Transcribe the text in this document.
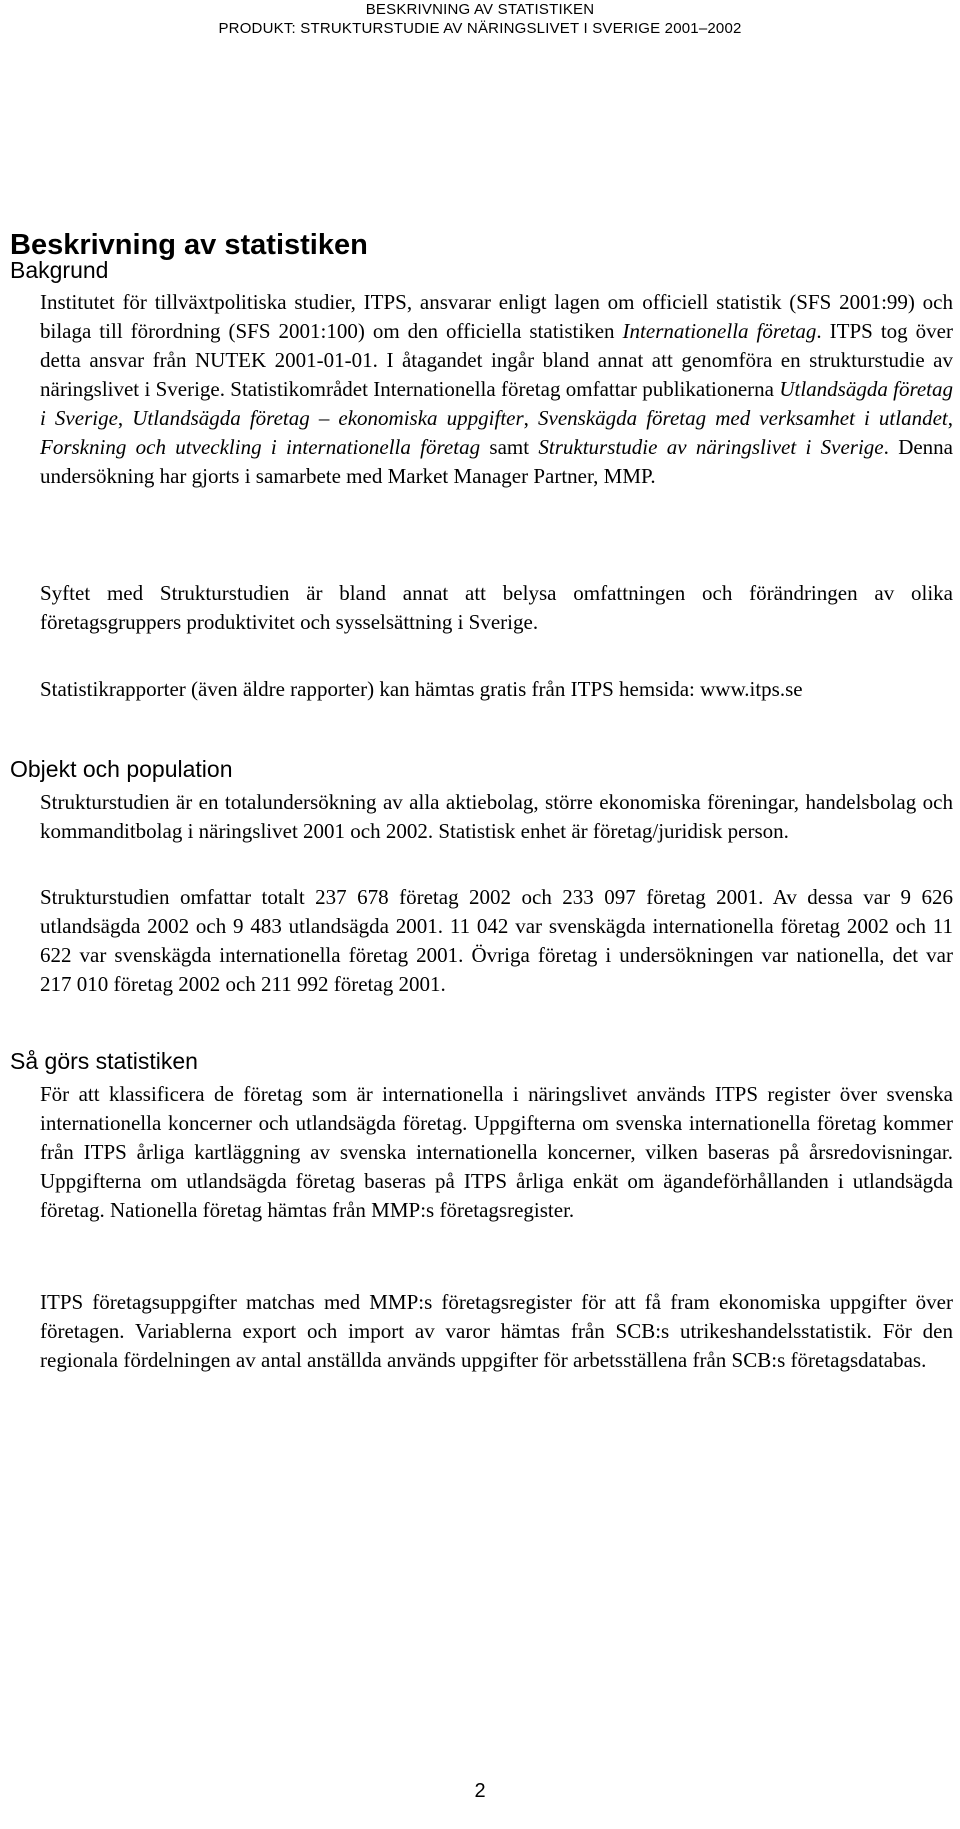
BESKRIVNING AV STATISTIKEN
PRODUKT: STRUKTURSTUDIE AV NÄRINGSLIVET I SVERIGE 2001–2002
Beskrivning av statistiken
Bakgrund

Institutet för tillväxtpolitiska studier, ITPS, ansvarar enligt lagen om officiell statistik (SFS 2001:99) och bilaga till förordning (SFS 2001:100) om den officiella statistiken Internationella företag. ITPS tog över detta ansvar från NUTEK 2001-01-01. I åtagandet ingår bland annat att genomföra en strukturstudie av näringslivet i Sverige. Statistikområdet Internationella företag omfattar publikationerna Utlandsägda företag i Sverige, Utlandsägda företag – ekonomiska uppgifter, Svenskägda företag med verksamhet i utlandet, Forskning och utveckling i internationella företag samt Strukturstudie av näringslivet i Sverige. Denna undersökning har gjorts i samarbete med Market Manager Partner, MMP.

Syftet med Strukturstudien är bland annat att belysa omfattningen och förändringen av olika företagsgruppers produktivitet och sysselsättning i Sverige.

Statistikrapporter (även äldre rapporter) kan hämtas gratis från ITPS hemsida: www.itps.se

Objekt och population

Strukturstudien är en totalundersökning av alla aktiebolag, större ekonomiska föreningar, handelsbolag och kommanditbolag i näringslivet 2001 och 2002. Statistisk enhet är företag/juridisk person.

Strukturstudien omfattar totalt 237 678 företag 2002 och 233 097 företag 2001. Av dessa var 9 626 utlandsägda 2002 och 9 483 utlandsägda 2001. 11 042 var svenskägda internationella företag 2002 och 11 622 var svenskägda internationella företag 2001. Övriga företag i undersökningen var nationella, det var 217 010 företag 2002 och 211 992 företag 2001.

Så görs statistiken

För att klassificera de företag som är internationella i näringslivet används ITPS register över svenska internationella koncerner och utlandsägda företag. Uppgifterna om svenska internationella företag kommer från ITPS årliga kartläggning av svenska internationella koncerner, vilken baseras på årsredovisningar. Uppgifterna om utlandsägda företag baseras på ITPS årliga enkät om ägandeförhållanden i utlandsägda företag. Nationella företag hämtas från MMP:s företagsregister.

ITPS företagsuppgifter matchas med MMP:s företagsregister för att få fram ekonomiska uppgifter över företagen. Variablerna export och import av varor hämtas från SCB:s utrikeshandelsstatistik. För den regionala fördelningen av antal anställda används uppgifter för arbetsställena från SCB:s företagsdatabas.

2
